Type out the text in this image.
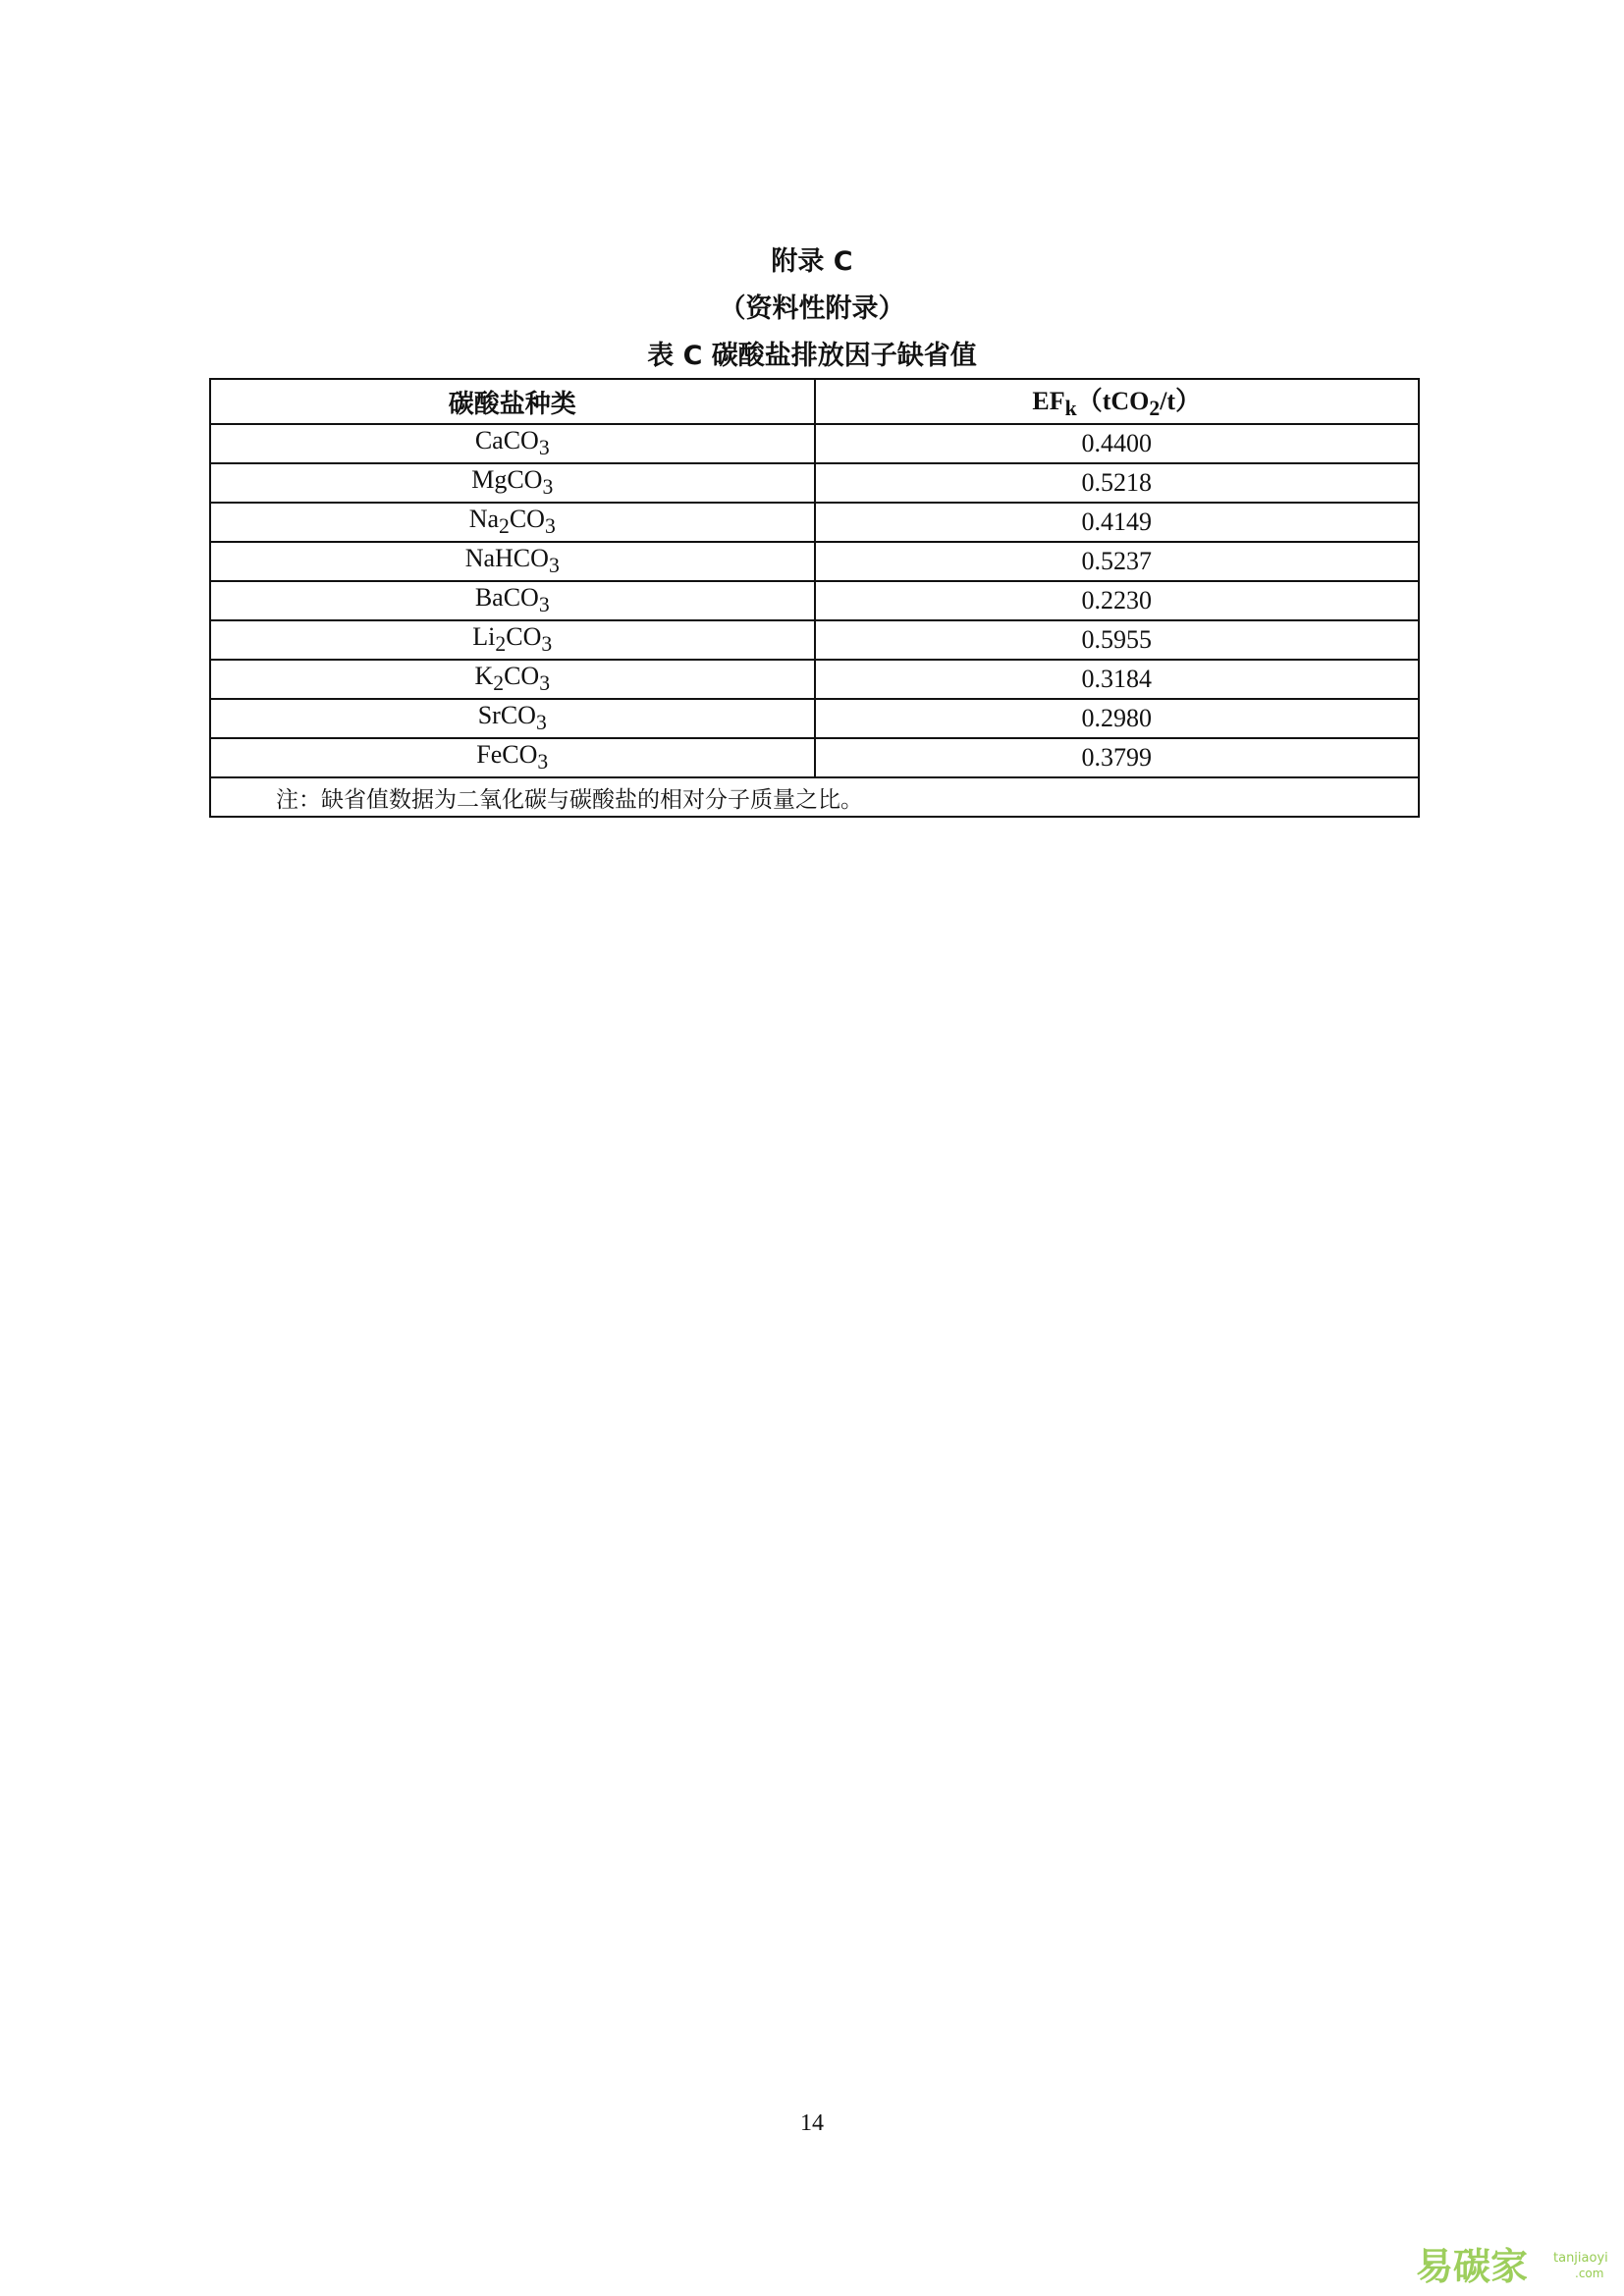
附录 C
（资料性附录）
表 C 碳酸盐排放因子缺省值
碳酸盐种类	$EF_k(tCO_2/t)$
CaCO$_3$	0.4400
MgCO$_3$	0.5218
$Na_2CO_3$	0.4149
NaHCO$_3$	0.5237
BaCO$_3$	0.2230
$Li_2CO_3$	0.5955
$K_2CO_3$	0.3184
SrCO$_3$	0.2980
FeCO$_3$	0.3799
注：缺省值数据为二氧化碳与碳酸盐的相对分子质量之比。	
14
易碳家 tanjiaoyi
.com
